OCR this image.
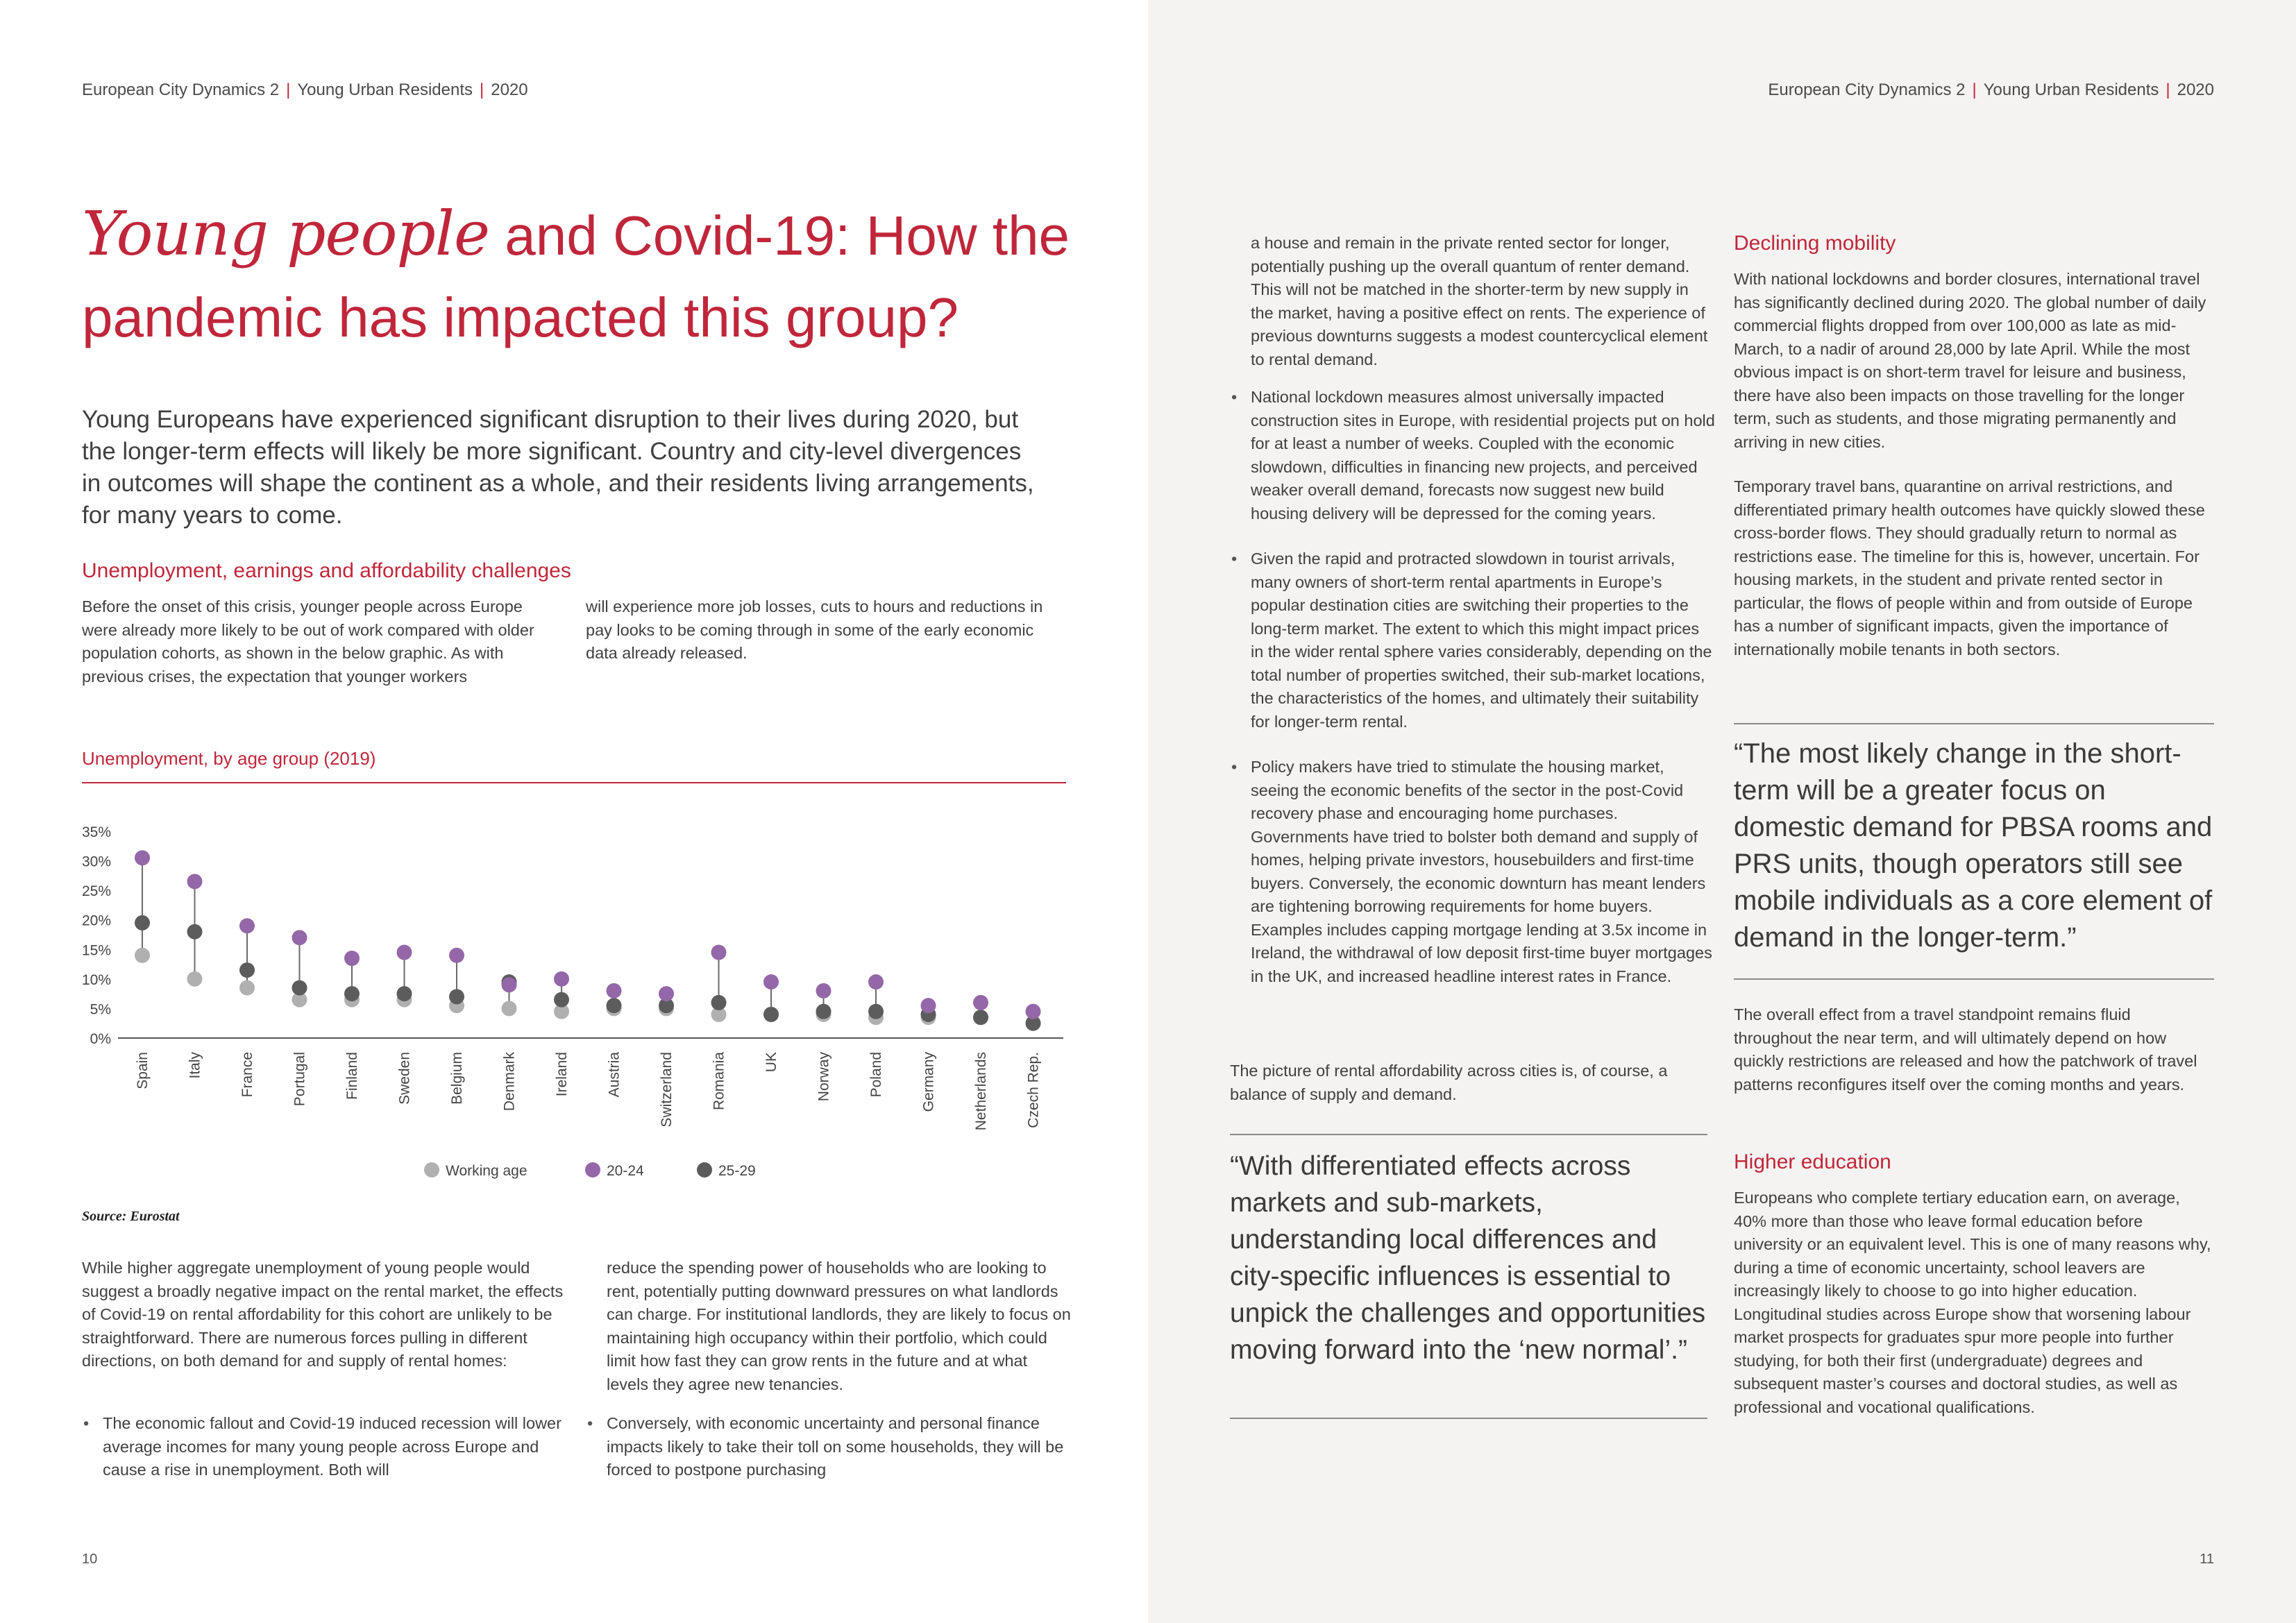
European City Dynamics 2 | Young Urban Residents | 2020
Young people and Covid-19: How the
pandemic has impacted this group?

Young Europeans have experienced significant disruption to their lives during 2020, but the longer-term effects will likely be more significant. Country and city-level divergences in outcomes will shape the continent as a whole, and their residents living arrangements, for many years to come.

Unemployment, earnings and affordability challenges

Before the onset of this crisis, younger people across Europe were already more likely to be out of work compared with older population cohorts, as shown in the below graphic. As with previous crises, the expectation that younger workers

will experience more job losses, cuts to hours and reductions in pay looks to be coming through in some of the early economic data already released.

Unemployment, by age group (2019)
0%
5%
10%
15%
20%
25%
30%
35%
Spain	Italy	France	Portugal	Finland	Sweden	Belgium	Denmark	Ireland	Austria	Switzerland	Romania	UK	Norway	Poland	Germany	Netherlands	Czech Rep.
Working age	20-24	25-29
Source: Eurostat

While higher aggregate unemployment of young people would suggest a broadly negative impact on the rental market, the effects of Covid-19 on rental affordability for this cohort are unlikely to be straightforward. There are numerous forces pulling in different directions, on both demand for and supply of rental homes:

• The economic fallout and Covid-19 induced recession will lower average incomes for many young people across Europe and cause a rise in unemployment. Both will

reduce the spending power of households who are looking to rent, potentially putting downward pressures on what landlords can charge. For institutional landlords, they are likely to focus on maintaining high occupancy within their portfolio, which could limit how fast they can grow rents in the future and at what levels they agree new tenancies.

• Conversely, with economic uncertainty and personal finance impacts likely to take their toll on some households, they will be forced to postpone purchasing
10
European City Dynamics 2 | Young Urban Residents | 2020

a house and remain in the private rented sector for longer, potentially pushing up the overall quantum of renter demand. This will not be matched in the shorter-term by new supply in the market, having a positive effect on rents. The experience of previous downturns suggests a modest countercyclical element to rental demand.

• National lockdown measures almost universally impacted construction sites in Europe, with residential projects put on hold for at least a number of weeks. Coupled with the economic slowdown, difficulties in financing new projects, and perceived weaker overall demand, forecasts now suggest new build housing delivery will be depressed for the coming years.
• Given the rapid and protracted slowdown in tourist arrivals, many owners of short-term rental apartments in Europe’s popular destination cities are switching their properties to the long-term market. The extent to which this might impact prices in the wider rental sphere varies considerably, depending on the total number of properties switched, their sub-market locations, the characteristics of the homes, and ultimately their suitability for longer-term rental.
• Policy makers have tried to stimulate the housing market, seeing the economic benefits of the sector in the post-Covid recovery phase and encouraging home purchases. Governments have tried to bolster both demand and supply of homes, helping private investors, housebuilders and first-time buyers. Conversely, the economic downturn has meant lenders are tightening borrowing requirements for home buyers. Examples includes capping mortgage lending at 3.5x income in Ireland, the withdrawal of low deposit first-time buyer mortgages in the UK, and increased headline interest rates in France.

The picture of rental affordability across cities is, of course, a balance of supply and demand.

“With differentiated effects across markets and sub-markets, understanding local differences and city-specific influences is essential to unpick the challenges and opportunities moving forward into the ‘new normal’.”

Declining mobility

With national lockdowns and border closures, international travel has significantly declined during 2020. The global number of daily commercial flights dropped from over 100,000 as late as mid-March, to a nadir of around 28,000 by late April. While the most obvious impact is on short-term travel for leisure and business, there have also been impacts on those travelling for the longer term, such as students, and those migrating permanently and arriving in new cities.

Temporary travel bans, quarantine on arrival restrictions, and differentiated primary health outcomes have quickly slowed these cross-border flows. They should gradually return to normal as restrictions ease. The timeline for this is, however, uncertain. For housing markets, in the student and private rented sector in particular, the flows of people within and from outside of Europe has a number of significant impacts, given the importance of internationally mobile tenants in both sectors.

“The most likely change in the short-term will be a greater focus on domestic demand for PBSA rooms and PRS units, though operators still see mobile individuals as a core element of demand in the longer-term.”

The overall effect from a travel standpoint remains fluid throughout the near term, and will ultimately depend on how quickly restrictions are released and how the patchwork of travel patterns reconfigures itself over the coming months and years.

Higher education

Europeans who complete tertiary education earn, on average, 40% more than those who leave formal education before university or an equivalent level. This is one of many reasons why, during a time of economic uncertainty, school leavers are increasingly likely to choose to go into higher education. Longitudinal studies across Europe show that worsening labour market prospects for graduates spur more people into further studying, for both their first (undergraduate) degrees and subsequent master’s courses and doctoral studies, as well as professional and vocational qualifications.

11
